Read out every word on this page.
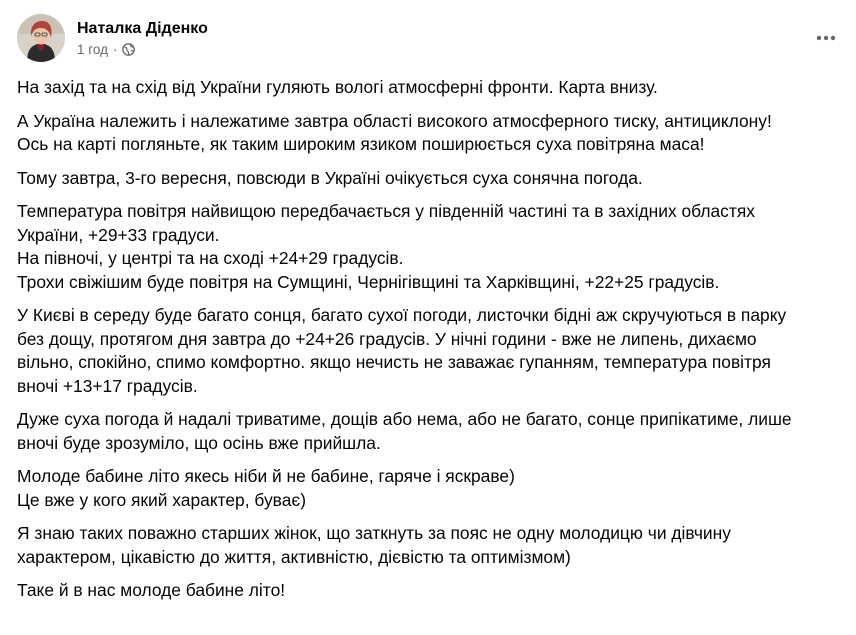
Наталка Діденко
1 год ·
На захід та на схід від України гуляють вологі атмосферні фронти. Карта внизу.
А Україна належить і належатиме завтра області високого атмосферного тиску, антициклону!
Ось на карті погляньте, як таким широким язиком поширюється суха повітряна маса!
Тому завтра, 3-го вересня, повсюди в Україні очікується суха сонячна погода.
Температура повітря найвищою передбачається у південній частині та в західних областях
України, +29+33 градуси.
На півночі, у центрі та на сході +24+29 градусів.
Трохи свіжішим буде повітря на Сумщині, Чернігівщині та Харківщині, +22+25 градусів.
У Києві в середу буде багато сонця, багато сухої погоди, листочки бідні аж скручуються в парку
без дощу, протягом дня завтра до +24+26 градусів. У нічні години - вже не липень, дихаємо
вільно, спокійно, спимо комфортно. якщо нечисть не заважає гупанням, температура повітря
вночі +13+17 градусів.
Дуже суха погода й надалі триватиме, дощів або нема, або не багато, сонце припікатиме, лише
вночі буде зрозуміло, що осінь вже прийшла.
Молоде бабине літо якесь ніби й не бабине, гаряче і яскраве)
Це вже у кого який характер, буває)
Я знаю таких поважно старших жінок, що заткнуть за пояс не одну молодицю чи дівчину
характером, цікавістю до життя, активністю, дієвістю та оптимізмом)
Таке й в нас молоде бабине літо!
